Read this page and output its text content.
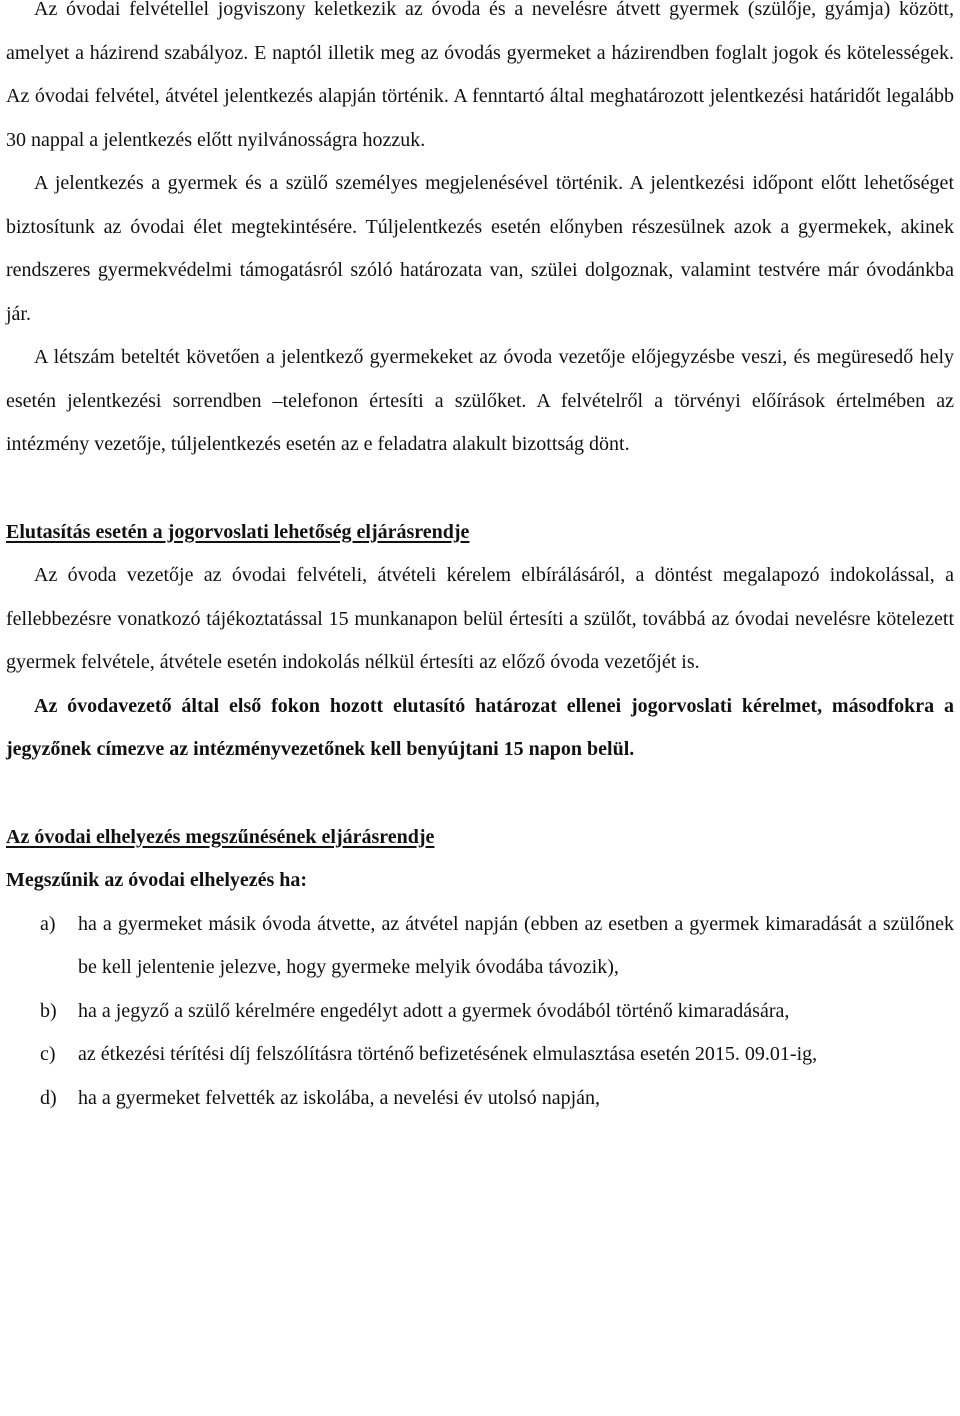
Az óvodai felvétellel jogviszony keletkezik az óvoda és a nevelésre átvett gyermek (szülője, gyámja) között, amelyet a házirend szabályoz. E naptól illetik meg az óvodás gyermeket a házirendben foglalt jogok és kötelességek. Az óvodai felvétel, átvétel jelentkezés alapján történik. A fenntartó által meghatározott jelentkezési határidőt legalább 30 nappal a jelentkezés előtt nyilvánosságra hozzuk.

A jelentkezés a gyermek és a szülő személyes megjelenésével történik. A jelentkezési időpont előtt lehetőséget biztosítunk az óvodai élet megtekintésére. Túljelentkezés esetén előnyben részesülnek azok a gyermekek, akinek rendszeres gyermekvédelmi támogatásról szóló határozata van, szülei dolgoznak, valamint testvére már óvodánkba jár.

A létszám beteltét követően a jelentkező gyermekeket az óvoda vezetője előjegyzésbe veszi, és megüresedő hely esetén jelentkezési sorrendben –telefonon értesíti a szülőket. A felvételről a törvényi előírások értelmében az intézmény vezetője, túljelentkezés esetén az e feladatra alakult bizottság dönt.

Elutasítás esetén a jogorvoslati lehetőség eljárásrendje

Az óvoda vezetője az óvodai felvételi, átvételi kérelem elbírálásáról, a döntést megalapozó indokolással, a fellebbezésre vonatkozó tájékoztatással 15 munkanapon belül értesíti a szülőt, továbbá az óvodai nevelésre kötelezett gyermek felvétele, átvétele esetén indokolás nélkül értesíti az előző óvoda vezetőjét is.

Az óvodavezető által első fokon hozott elutasító határozat ellenei jogorvoslati kérelmet, másodfokra a jegyzőnek címezve az intézményvezetőnek kell benyújtani 15 napon belül.

Az óvodai elhelyezés megszűnésének eljárásrendje

Megszűnik az óvodai elhelyezés ha:

a)	ha a gyermeket másik óvoda átvette, az átvétel napján (ebben az esetben a gyermek kimaradását a szülőnek be kell jelentenie jelezve, hogy gyermeke melyik óvodába távozik),
b)	ha a jegyző a szülő kérelmére engedélyt adott a gyermek óvodából történő kimaradására,
c)	az étkezési térítési díj felszólításra történő befizetésének elmulasztása esetén 2015. 09.01-ig,
d)	ha a gyermeket felvették az iskolába, a nevelési év utolsó napján,
